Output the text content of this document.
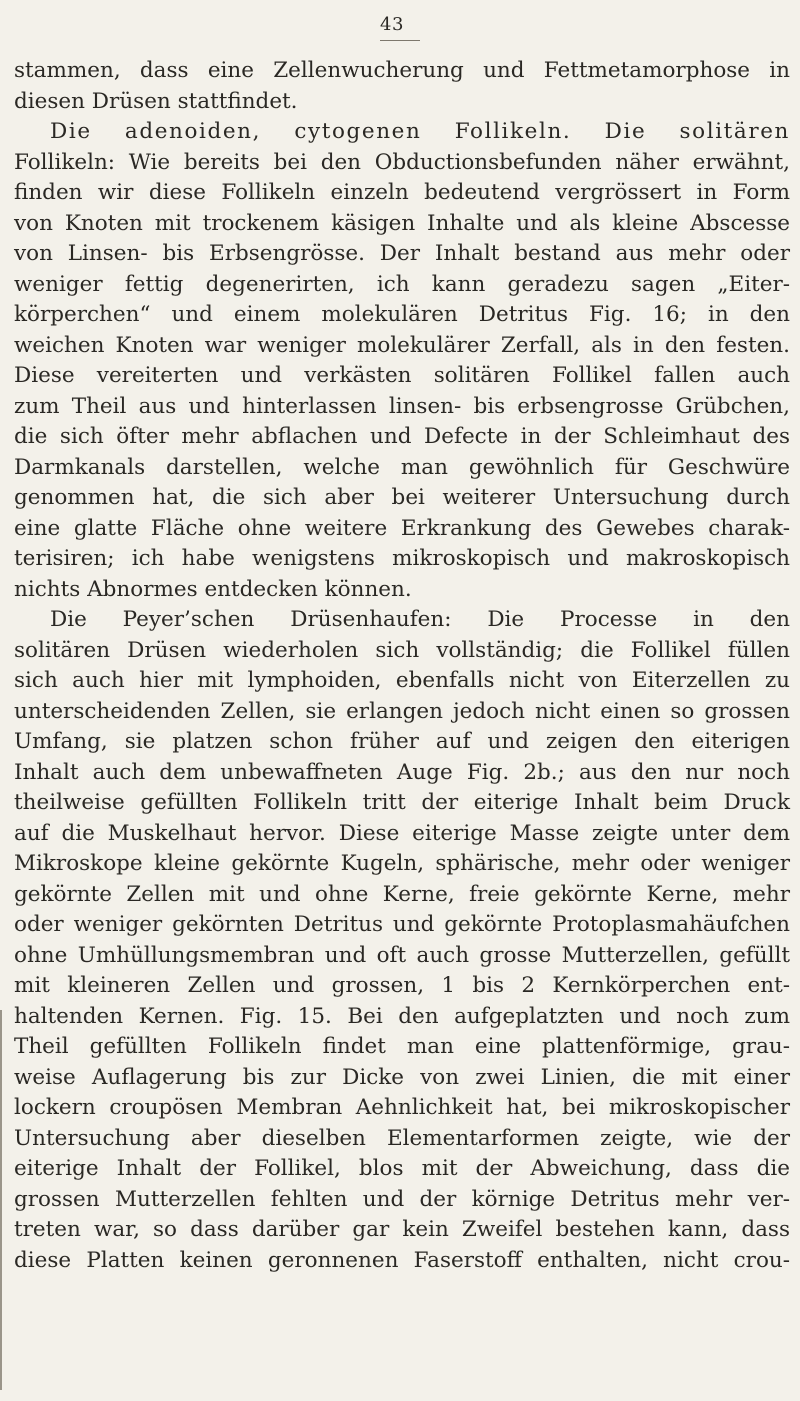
43
stammen, dass eine Zellenwucherung und Fettmetamorphose in
diesen Drüsen stattfindet.
Die adenoiden, cytogenen Follikeln. Die solitären
Follikeln: Wie bereits bei den Obductionsbefunden näher erwähnt,
finden wir diese Follikeln einzeln bedeutend vergrössert in Form
von Knoten mit trockenem käsigen Inhalte und als kleine Abscesse
von Linsen- bis Erbsengrösse. Der Inhalt bestand aus mehr oder
weniger fettig degenerirten, ich kann geradezu sagen „Eiter-
körperchen“ und einem molekulären Detritus Fig. 16; in den
weichen Knoten war weniger molekulärer Zerfall, als in den festen.
Diese vereiterten und verkästen solitären Follikel fallen auch
zum Theil aus und hinterlassen linsen- bis erbsengrosse Grübchen,
die sich öfter mehr abflachen und Defecte in der Schleimhaut des
Darmkanals darstellen, welche man gewöhnlich für Geschwüre
genommen hat, die sich aber bei weiterer Untersuchung durch
eine glatte Fläche ohne weitere Erkrankung des Gewebes charak-
terisiren; ich habe wenigstens mikroskopisch und makroskopisch
nichts Abnormes entdecken können.
Die Peyer’schen Drüsenhaufen: Die Processe in den
solitären Drüsen wiederholen sich vollständig; die Follikel füllen
sich auch hier mit lymphoiden, ebenfalls nicht von Eiterzellen zu
unterscheidenden Zellen, sie erlangen jedoch nicht einen so grossen
Umfang, sie platzen schon früher auf und zeigen den eiterigen
Inhalt auch dem unbewaffneten Auge Fig. 2b.; aus den nur noch
theilweise gefüllten Follikeln tritt der eiterige Inhalt beim Druck
auf die Muskelhaut hervor. Diese eiterige Masse zeigte unter dem
Mikroskope kleine gekörnte Kugeln, sphärische, mehr oder weniger
gekörnte Zellen mit und ohne Kerne, freie gekörnte Kerne, mehr
oder weniger gekörnten Detritus und gekörnte Protoplasmahäufchen
ohne Umhüllungsmembran und oft auch grosse Mutterzellen, gefüllt
mit kleineren Zellen und grossen, 1 bis 2 Kernkörperchen ent-
haltenden Kernen. Fig. 15. Bei den aufgeplatzten und noch zum
Theil gefüllten Follikeln findet man eine plattenförmige, grau-
weise Auflagerung bis zur Dicke von zwei Linien, die mit einer
lockern croupösen Membran Aehnlichkeit hat, bei mikroskopischer
Untersuchung aber dieselben Elementarformen zeigte, wie der
eiterige Inhalt der Follikel, blos mit der Abweichung, dass die
grossen Mutterzellen fehlten und der körnige Detritus mehr ver-
treten war, so dass darüber gar kein Zweifel bestehen kann, dass
diese Platten keinen geronnenen Faserstoff enthalten, nicht crou-
